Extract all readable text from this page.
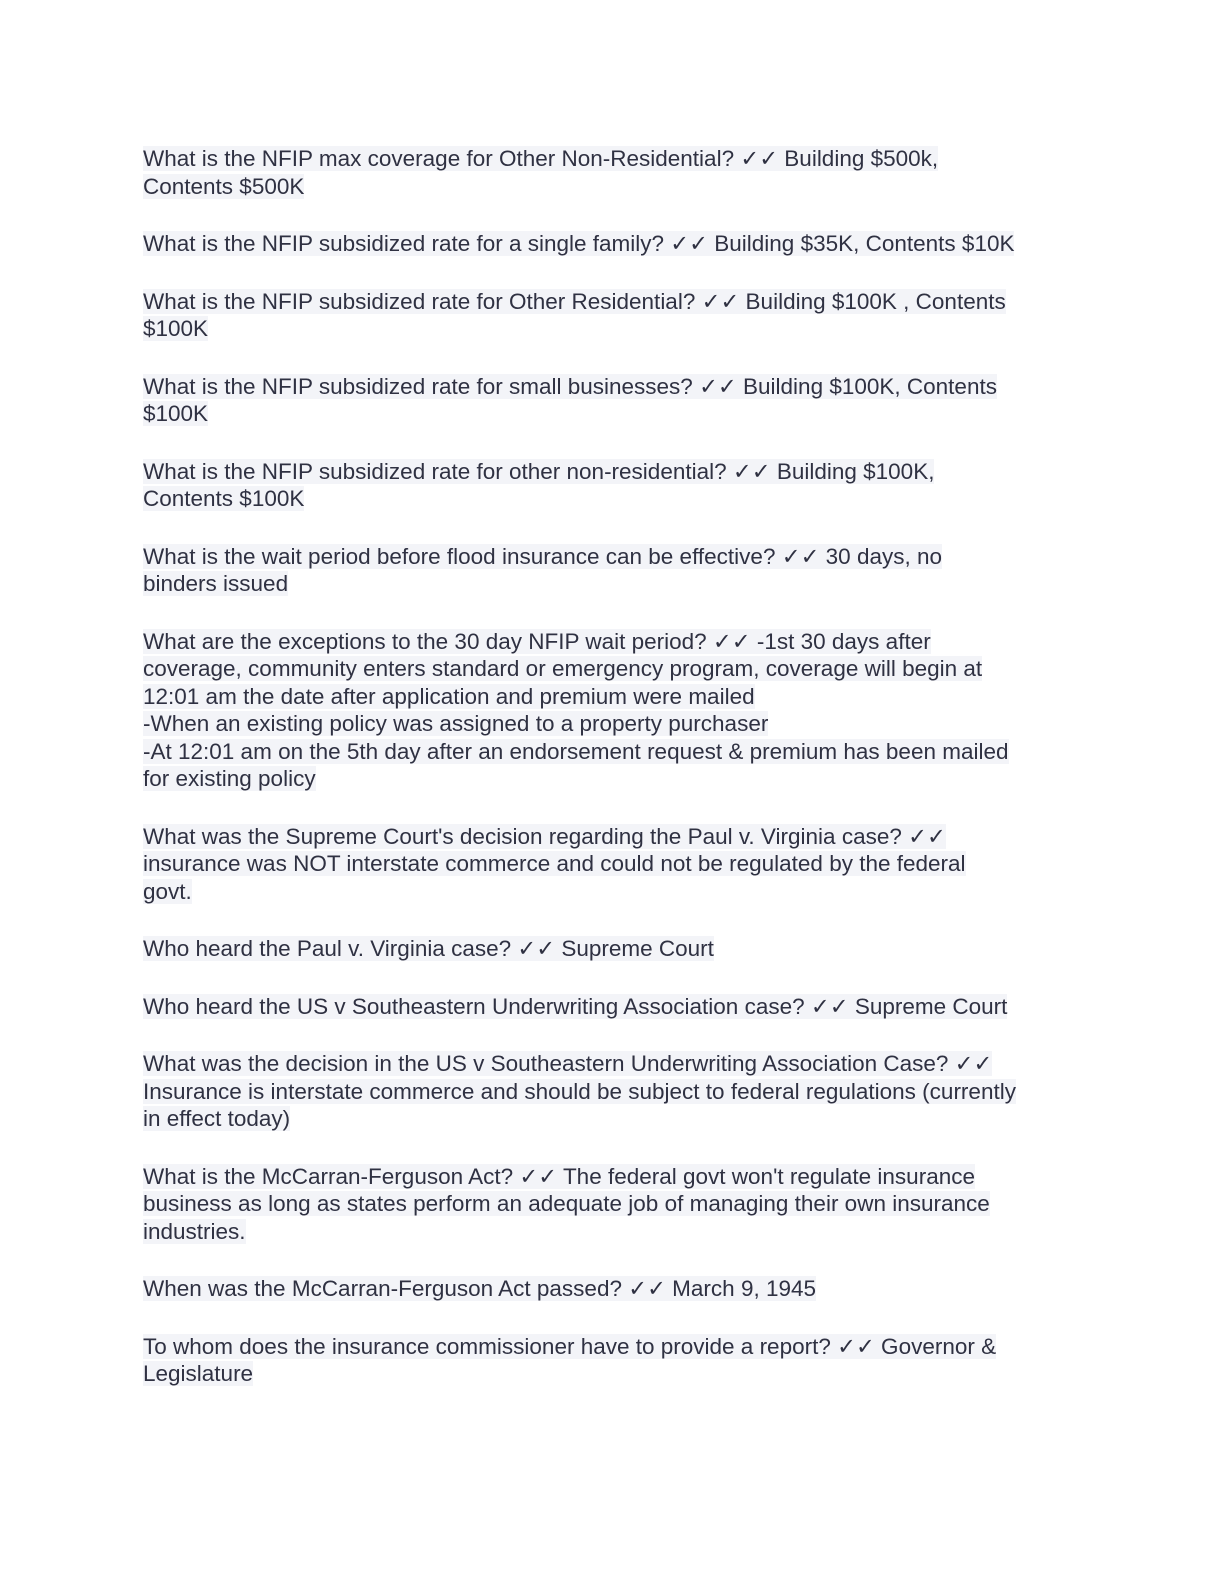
What is the NFIP max coverage for Other Non-Residential? ✓✓ Building $500k,
Contents $500K
What is the NFIP subsidized rate for a single family? ✓✓ Building $35K, Contents $10K
What is the NFIP subsidized rate for Other Residential? ✓✓ Building $100K , Contents
$100K
What is the NFIP subsidized rate for small businesses? ✓✓ Building $100K, Contents
$100K
What is the NFIP subsidized rate for other non-residential? ✓✓ Building $100K,
Contents $100K
What is the wait period before flood insurance can be effective? ✓✓ 30 days, no
binders issued
What are the exceptions to the 30 day NFIP wait period? ✓✓ -1st 30 days after
coverage, community enters standard or emergency program, coverage will begin at
12:01 am the date after application and premium were mailed
-When an existing policy was assigned to a property purchaser
-At 12:01 am on the 5th day after an endorsement request & premium has been mailed
for existing policy
What was the Supreme Court's decision regarding the Paul v. Virginia case? ✓✓
insurance was NOT interstate commerce and could not be regulated by the federal
govt.
Who heard the Paul v. Virginia case? ✓✓ Supreme Court
Who heard the US v Southeastern Underwriting Association case? ✓✓ Supreme Court
What was the decision in the US v Southeastern Underwriting Association Case? ✓✓
Insurance is interstate commerce and should be subject to federal regulations (currently
in effect today)
What is the McCarran-Ferguson Act? ✓✓ The federal govt won't regulate insurance
business as long as states perform an adequate job of managing their own insurance
industries.
When was the McCarran-Ferguson Act passed? ✓✓ March 9, 1945
To whom does the insurance commissioner have to provide a report? ✓✓ Governor &
Legislature
